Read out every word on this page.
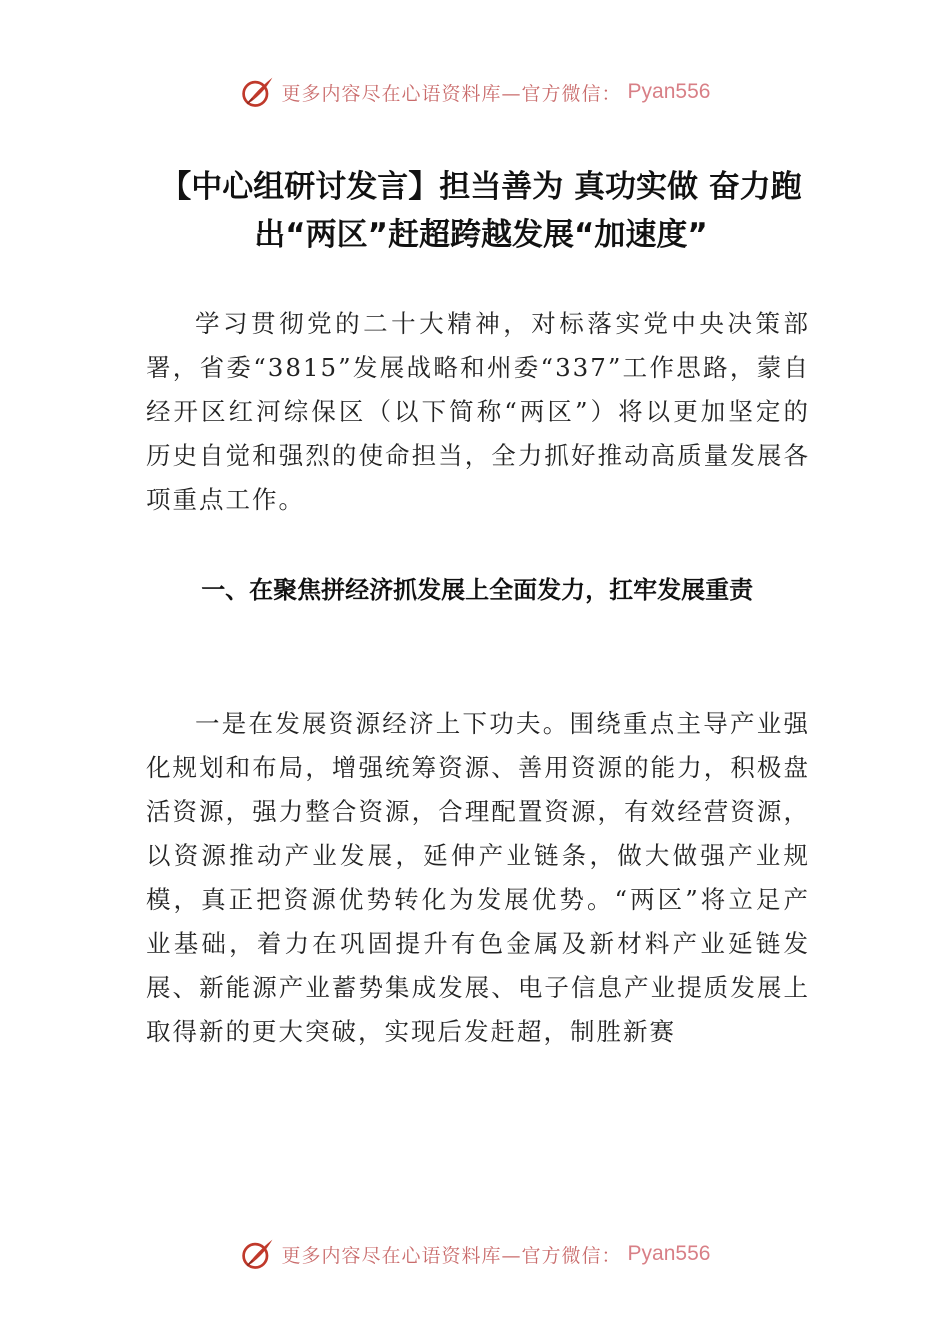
更多内容尽在心语资料库—官方微信： Pyan556
【中心组研讨发言】担当善为 真功实做 奋力跑出“两区”赶超跨越发展“加速度”

学习贯彻党的二十大精神，对标落实党中央决策部署，省委“3815”发展战略和州委“337”工作思路，蒙自经开区红河综保区（以下简称“两区”）将以更加坚定的历史自觉和强烈的使命担当，全力抓好推动高质量发展各项重点工作。

一、在聚焦拼经济抓发展上全面发力，扛牢发展重责

一是在发展资源经济上下功夫。围绕重点主导产业强化规划和布局，增强统筹资源、善用资源的能力，积极盘活资源，强力整合资源，合理配置资源，有效经营资源，以资源推动产业发展，延伸产业链条，做大做强产业规模，真正把资源优势转化为发展优势。“两区”将立足产业基础，着力在巩固提升有色金属及新材料产业延链发展、新能源产业蓄势集成发展、电子信息产业提质发展上取得新的更大突破，实现后发赶超，制胜新赛

更多内容尽在心语资料库—官方微信： Pyan556
